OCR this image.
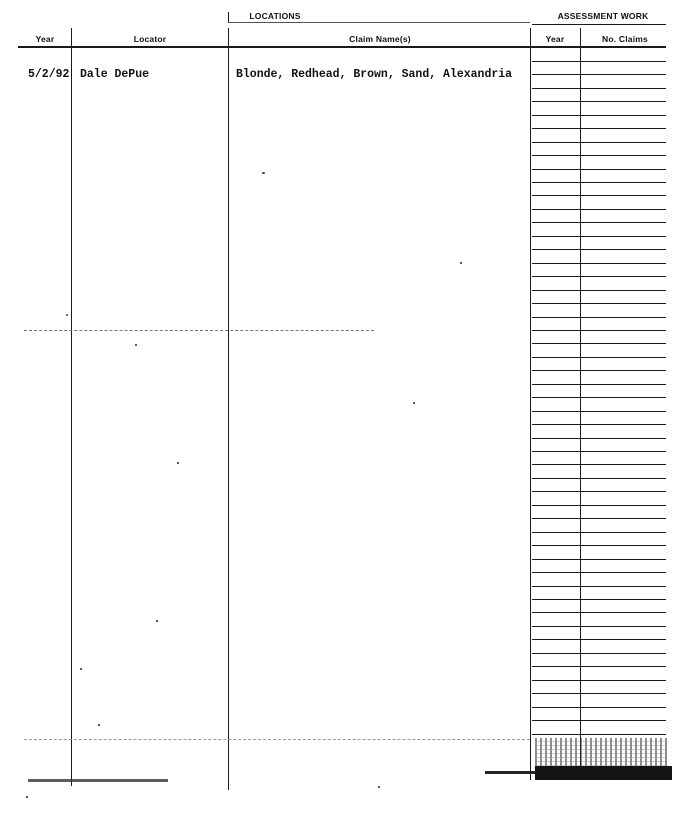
LOCATIONS	ASSESSMENT WORK
Year	Locator	Claim Name(s)	Year	No. Claims
5/2/92 Dale DePue	Blonde, Redhead, Brown, Sand, Alexandria
